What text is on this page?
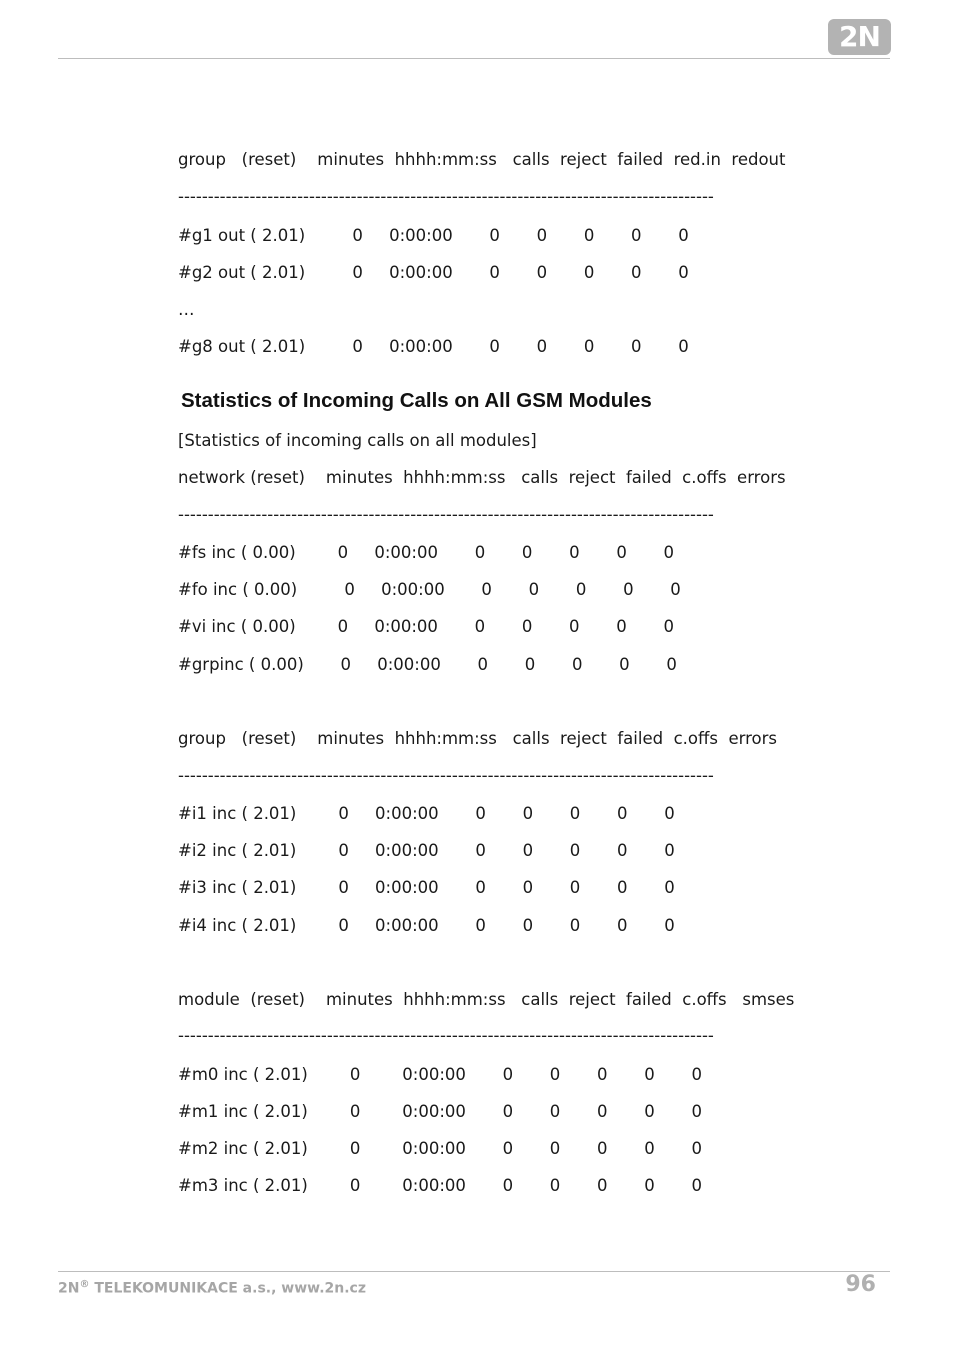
2N
group   (reset)    minutes  hhhh:mm:ss   calls  reject  failed  red.in  redout
------------------------------------------------------------------------------------------
#g1 out ( 2.01)         0     0:00:00       0       0       0       0       0
#g2 out ( 2.01)         0     0:00:00       0       0       0       0       0
…
#g8 out ( 2.01)         0     0:00:00       0       0       0       0       0
Statistics of Incoming Calls on All GSM Modules
[Statistics of incoming calls on all modules]
network (reset)    minutes  hhhh:mm:ss   calls  reject  failed  c.offs  errors
------------------------------------------------------------------------------------------
#fs inc ( 0.00)        0     0:00:00       0       0       0       0       0
#fo inc ( 0.00)         0     0:00:00       0       0       0       0       0
#vi inc ( 0.00)        0     0:00:00       0       0       0       0       0
#grpinc ( 0.00)       0     0:00:00       0       0       0       0       0
group   (reset)    minutes  hhhh:mm:ss   calls  reject  failed  c.offs  errors
------------------------------------------------------------------------------------------
#i1 inc ( 2.01)        0     0:00:00       0       0       0       0       0
#i2 inc ( 2.01)        0     0:00:00       0       0       0       0       0
#i3 inc ( 2.01)        0     0:00:00       0       0       0       0       0
#i4 inc ( 2.01)        0     0:00:00       0       0       0       0       0
module  (reset)    minutes  hhhh:mm:ss   calls  reject  failed  c.offs   smses
------------------------------------------------------------------------------------------
#m0 inc ( 2.01)        0        0:00:00       0       0       0       0       0
#m1 inc ( 2.01)        0        0:00:00       0       0       0       0       0
#m2 inc ( 2.01)        0        0:00:00       0       0       0       0       0
#m3 inc ( 2.01)        0        0:00:00       0       0       0       0       0
2N® TELEKOMUNIKACE a.s., www.2n.cz	96
